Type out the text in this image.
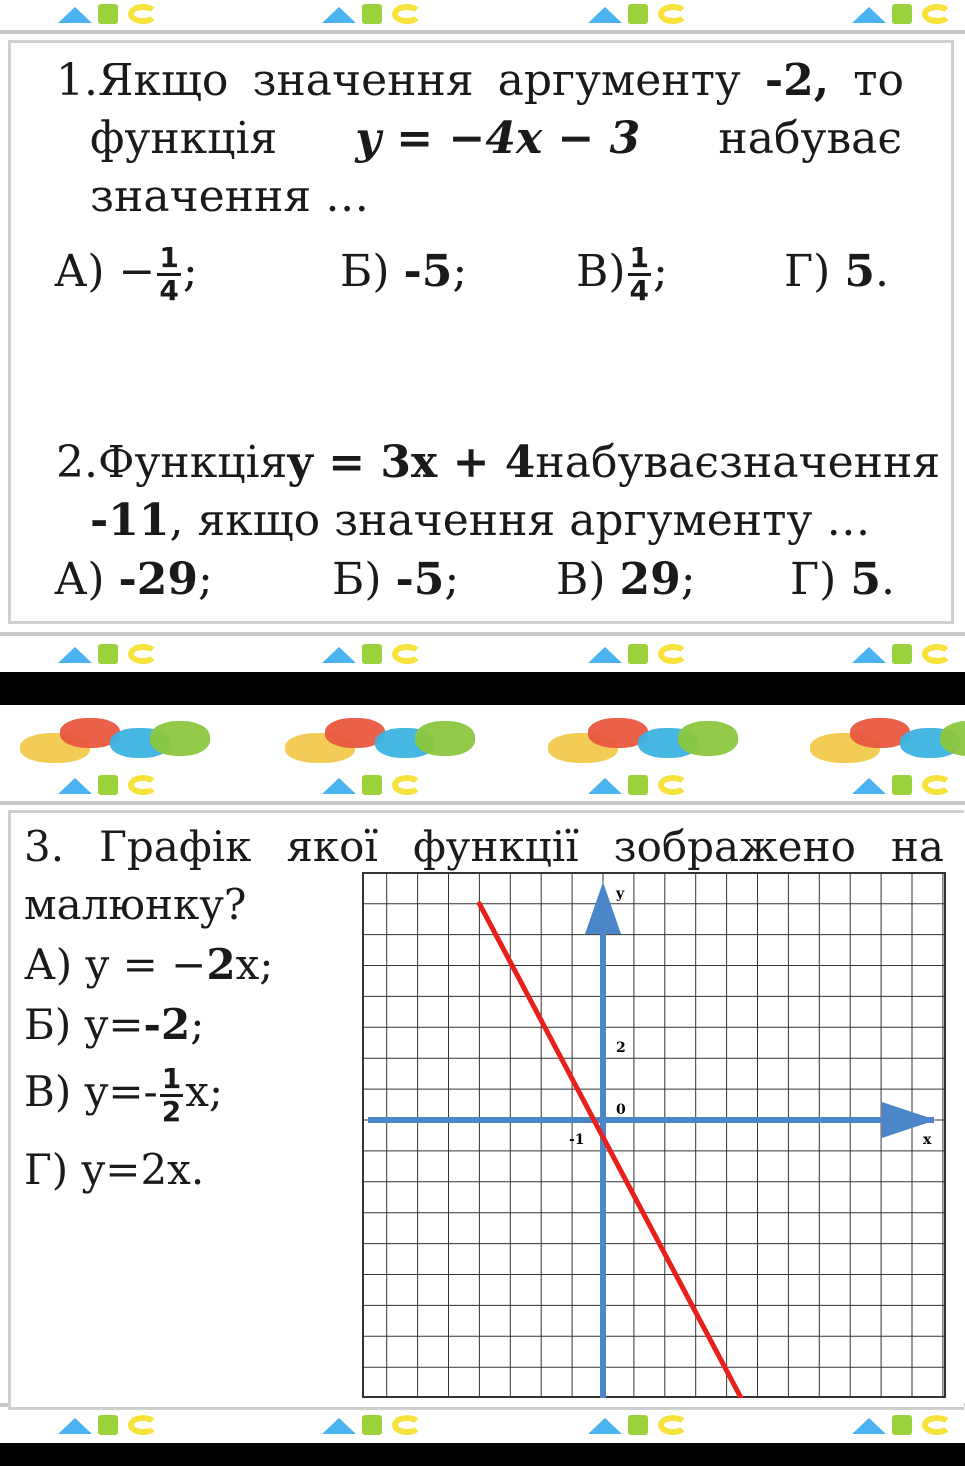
1.Якщо значення аргументу -2, то
функція y = −4x − 3 набуває
значення …
$А) - \frac{1}{4}$ ;	Б) -5; $В) \frac{1}{4}$ ;	Г) 5.
2.Функція y = 3x + 4 набуває значення
-11, якщо значення аргументу …
А) -29;	Б) -5; В) 29; Г) 5.
3. Графік якої функції зображено на
малюнку?
А) y = −2x;
Б) y=-2;
В) $y=- \frac{1}{2} x$;
Г) y=2x.
y
x
0
2
-1
